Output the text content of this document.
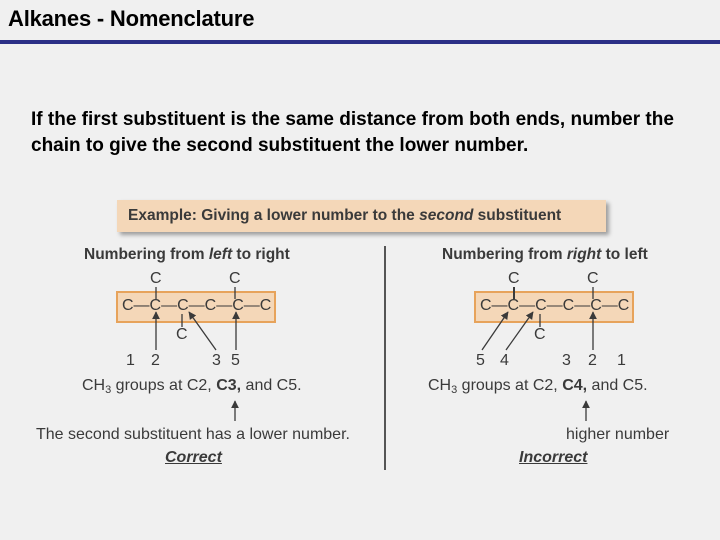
Alkanes - Nomenclature
If the first substituent is the same distance from both ends, number the chain to give the second substituent the lower number.
Example: Giving a lower number to the second substituent
Numbering from left to right
C	C
C—C—C—C—C—C
C
1 2	3 5
$CH_3$ groups at C2, C3, and C5.
The second substituent has a lower number.
Correct
Numbering from right to left
C	C
C—C—C—C—C—C
C
5 4	3 2 1
$CH_3$ groups at C2, C4, and C5.
higher number
Incorrect
